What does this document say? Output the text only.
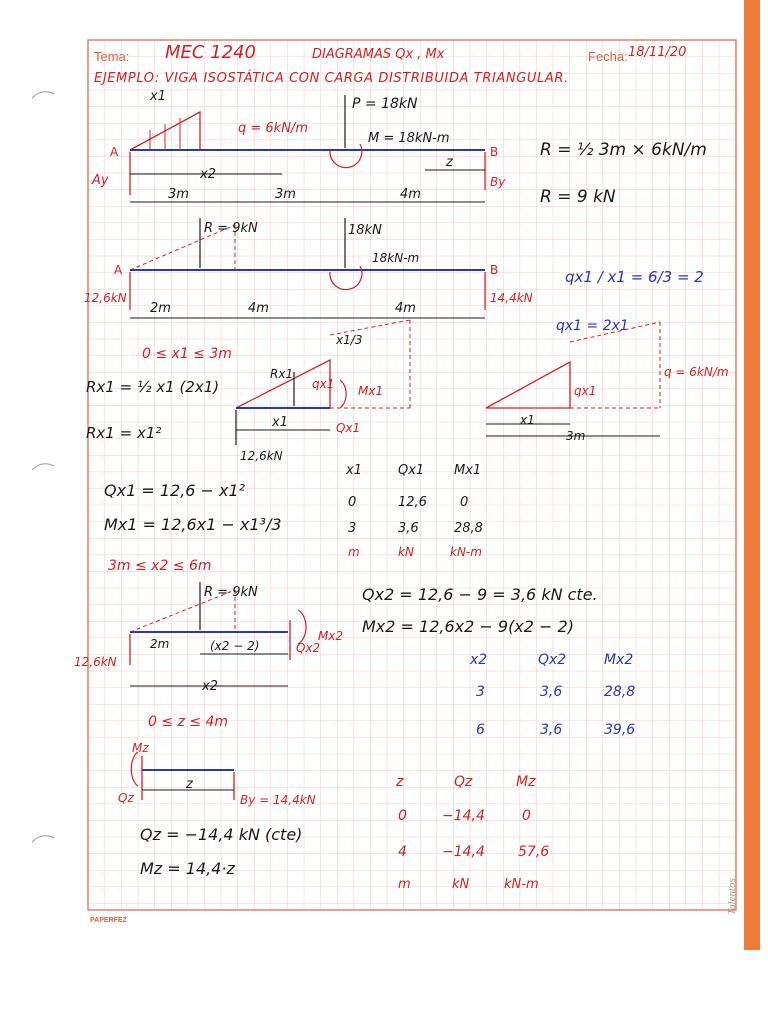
Tema: MEC 1240	DIAGRAMAS Qx , Mx	Fecha: 18/11/20
EJEMPLO: VIGA ISOSTÁTICA CON CARGA DISTRIBUIDA TRIANGULAR.
x1
q = 6kN/m
P = 18kN
M = 18kN-m
A	B
Ay	By
z
x2
3m	3m	4m
R = ½ 3m × 6kN/m
R = 9 kN
R = 9kN	18kN
18kN-m
A	B
12,6kN	14,4kN
2m	4m	4m
qx1 / x1 = 6/3 = 2
qx1 = 2x1
0 ≤ x1 ≤ 3m
Rx1 = ½ x1 (2x1)
Rx1 = x1²
x1/3
Rx1
qx1 Mx1
Qx1
x1
12,6kN
qx1
q = 6kN/m
x1
3m
Qx1 = 12,6 − x1²
Mx1 = 12,6x1 − x1³/3
x1	Qx1 Mx1
0	12,6	0
3	3,6	28,8
m	kN	kN-m
3m ≤ x2 ≤ 6m
R = 9kN
2m	(x2 − 2)	Qx2
Mx2
12,6kN
x2
Qx2 = 12,6 − 9 = 3,6 kN cte.
Mx2 = 12,6x2 − 9(x2 − 2)
x2	Qx2	Mx2
3	3,6	28,8
6	3,6	39,6
0 ≤ z ≤ 4m
Mz
Qz
z
By = 14,4kN
Qz = −14,4 kN (cte)
Mz = 14,4·z
z	Qz	Mz
0	−14,4	0
4	−14,4 57,6
m	kN	kN-m
PAPERFEZ
Talentos
